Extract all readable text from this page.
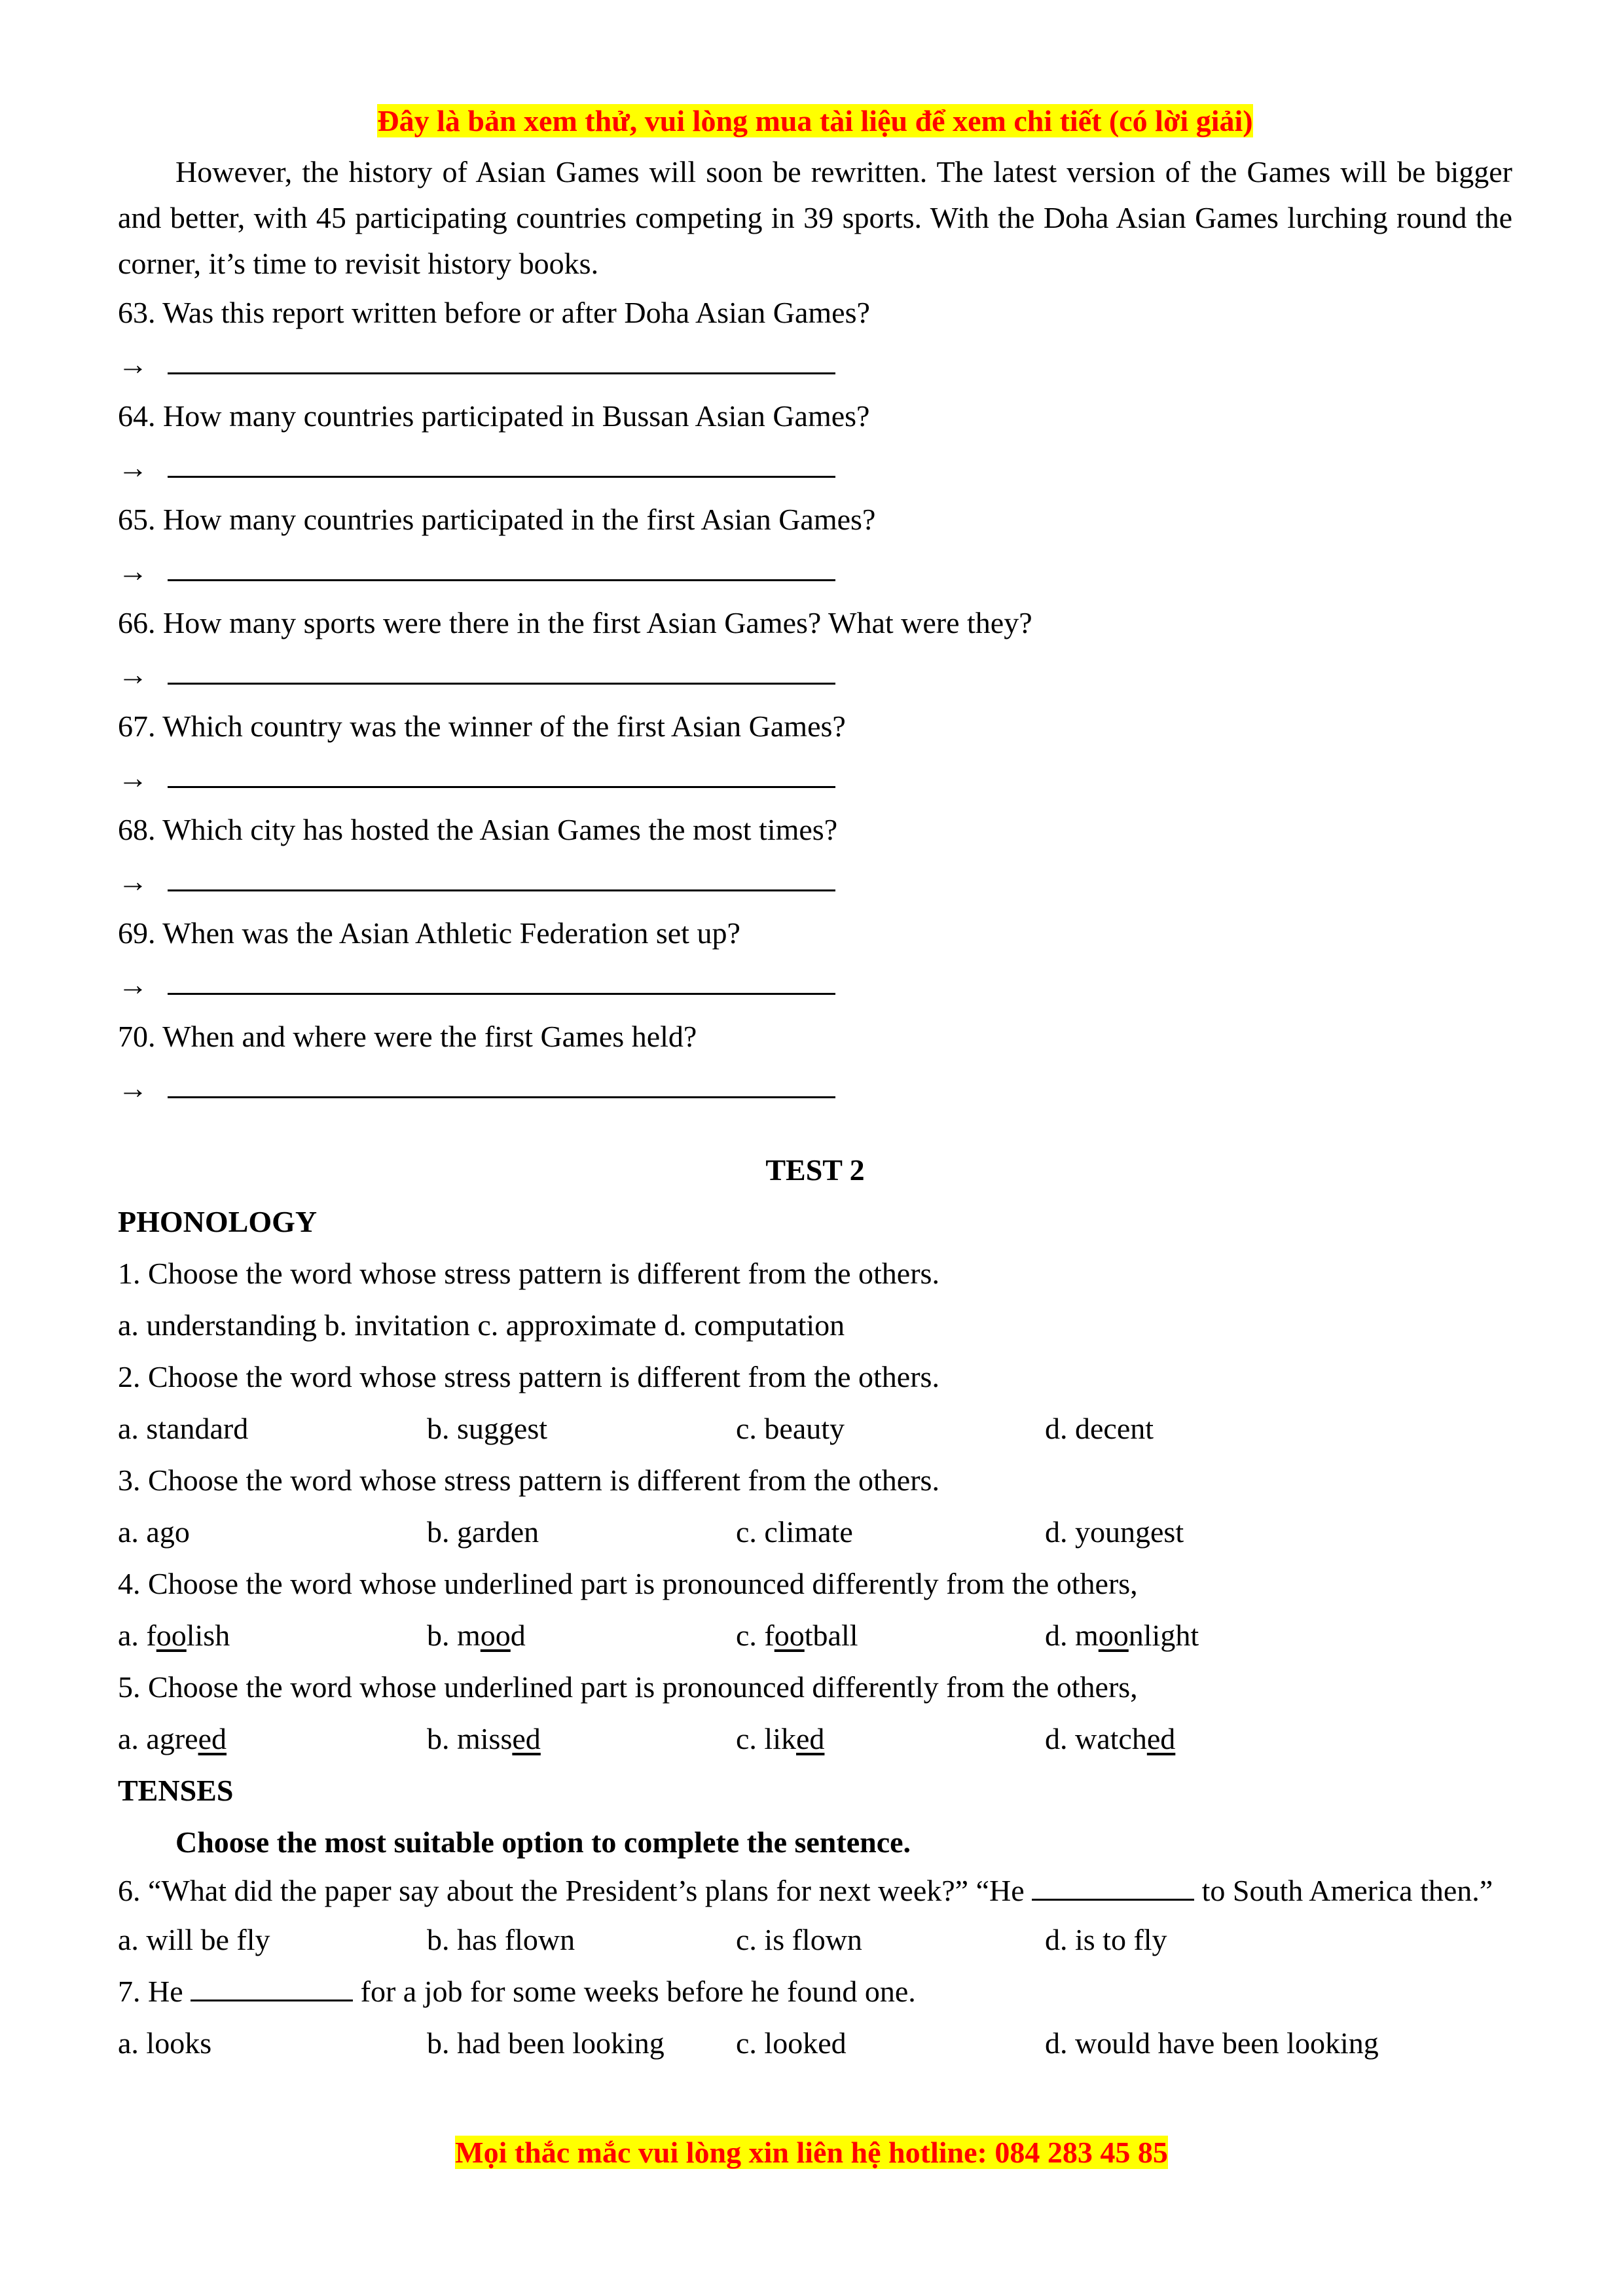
Đây là bản xem thử, vui lòng mua tài liệu để xem chi tiết (có lời giải)

However, the history of Asian Games will soon be rewritten. The latest version of the Games will be bigger and better, with 45 participating countries competing in 39 sports. With the Doha Asian Games lurching round the corner, it’s time to revisit history books.

63. Was this report written before or after Doha Asian Games?

→

64. How many countries participated in Bussan Asian Games?

→

65. How many countries participated in the first Asian Games?

→

66. How many sports were there in the first Asian Games? What were they?

→

67. Which country was the winner of the first Asian Games?

→

68. Which city has hosted the Asian Games the most times?

→

69. When was the Asian Athletic Federation set up?

→

70. When and where were the first Games held?

→

TEST 2

PHONOLOGY

1. Choose the word whose stress pattern is different from the others.

a. understanding b. invitation c. approximate d. computation

2. Choose the word whose stress pattern is different from the others.

a. standard	b. suggest	c. beauty	d. decent

3. Choose the word whose stress pattern is different from the others.

a. ago	b. garden	c. climate	d. youngest

4. Choose the word whose underlined part is pronounced differently from the others,

a. foolish	b. mood	c. football	d. moonlight

5. Choose the word whose underlined part is pronounced differently from the others,

a. agreed	b. missed	c. liked	d. watched

TENSES

Choose the most suitable option to complete the sentence.

6. “What did the paper say about the President’s plans for next week?” “He	to South America then.”

a. will be fly	b. has flown	c. is flown	d. is to fly

7. He	for a job for some weeks before he found one.

a. looks	b. had been looking	c. looked	d. would have been looking
Mọi thắc mắc vui lòng xin liên hệ hotline: 084 283 45 85
